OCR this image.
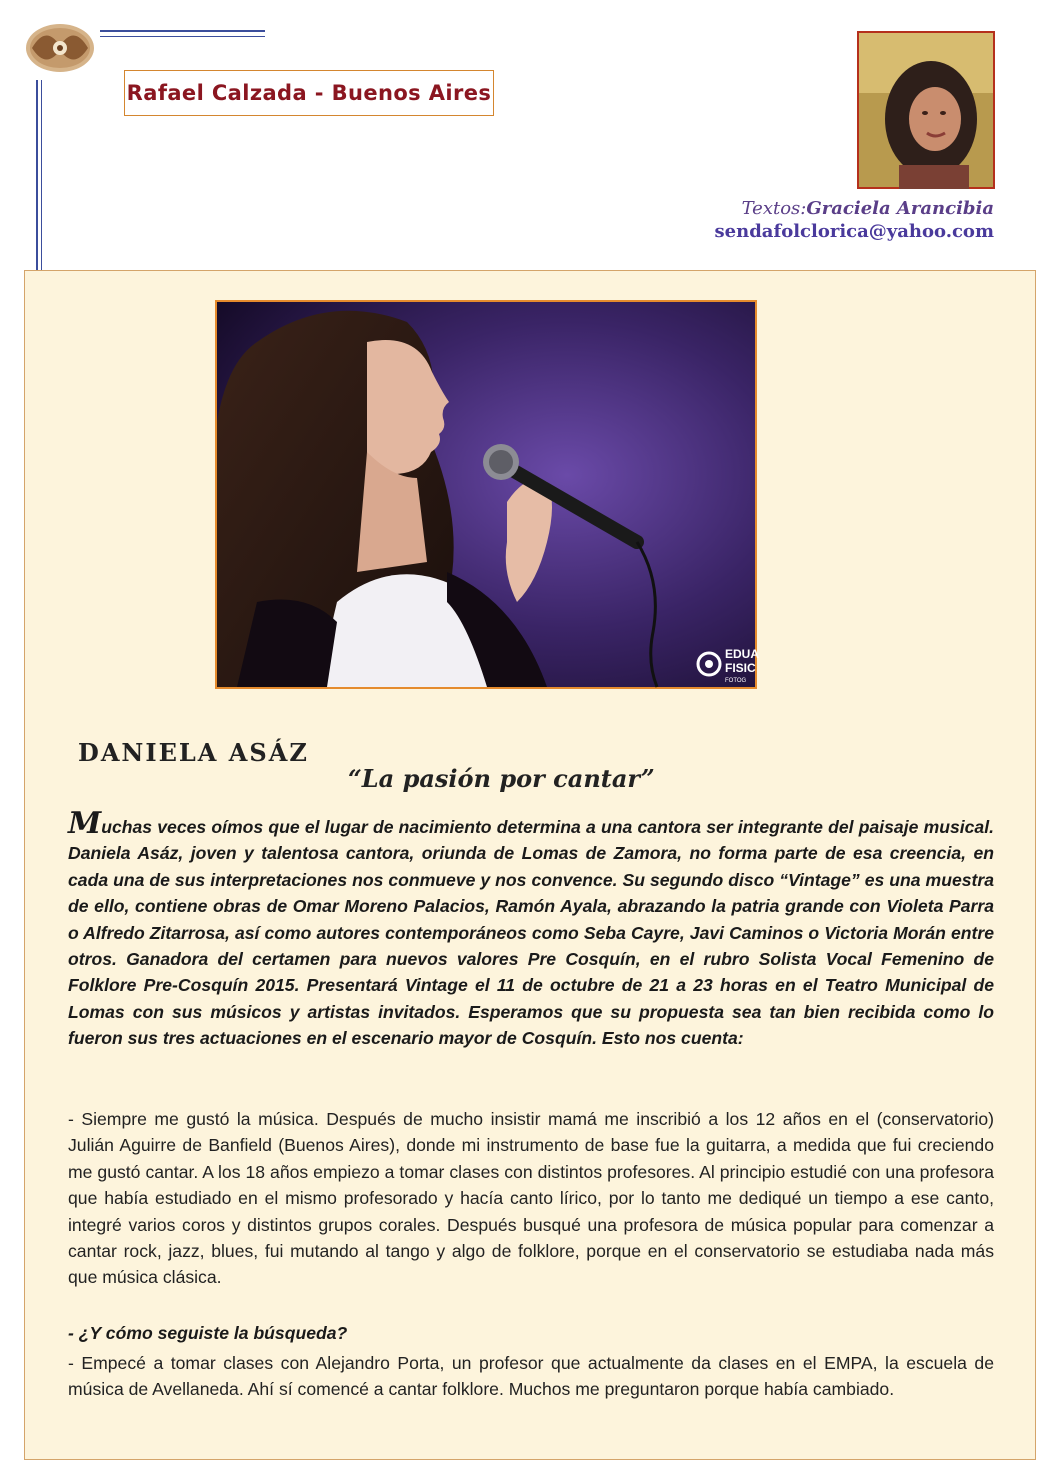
Rafael Calzada - Buenos Aires
Textos:Graciela Arancibia
sendafolclorica@yahoo.com
EDUA
FISIC
FOTOG
DANIELA ASÁZ
“La pasión por cantar”

Muchas veces oímos que el lugar de nacimiento determina a una cantora ser integrante del paisaje musical. Daniela Asáz, joven y talentosa cantora, oriunda de Lomas de Zamora, no forma parte de esa creencia, en cada una de sus interpretaciones nos conmueve y nos convence. Su segundo disco “Vintage” es una muestra de ello, contiene obras de Omar Moreno Palacios, Ramón Ayala, abrazando la patria grande con Violeta Parra o Alfredo Zitarrosa, así como autores contemporáneos como Seba Cayre, Javi Caminos o Victoria Morán entre otros. Ganadora del certamen para nuevos valores Pre Cosquín, en el rubro Solista Vocal Femenino de Folklore Pre-Cosquín 2015. Presentará Vintage el 11 de octubre de 21 a 23 horas en el Teatro Municipal de Lomas con sus músicos y artistas invitados. Esperamos que su propuesta sea tan bien recibida como lo fueron sus tres actuaciones en el escenario mayor de Cosquín. Esto nos cuenta:

- Siempre me gustó la música. Después de mucho insistir mamá me inscribió a los 12 años en el (conservatorio) Julián Aguirre de Banfield (Buenos Aires), donde mi instrumento de base fue la guitarra, a medida que fui creciendo me gustó cantar. A los 18 años empiezo a tomar clases con distintos profesores. Al principio estudié con una profesora que había estudiado en el mismo profesorado y hacía canto lírico, por lo tanto me dediqué un tiempo a ese canto, integré varios coros y distintos grupos corales. Después busqué una profesora de música popular para comenzar a cantar rock, jazz, blues, fui mutando al tango y algo de folklore, porque en el conservatorio se estudiaba nada más que música clásica.

- ¿Y cómo seguiste la búsqueda?

- Empecé a tomar clases con Alejandro Porta, un profesor que actualmente da clases en el EMPA, la escuela de música de Avellaneda. Ahí sí comencé a cantar folklore. Muchos me preguntaron porque había cambiado.
